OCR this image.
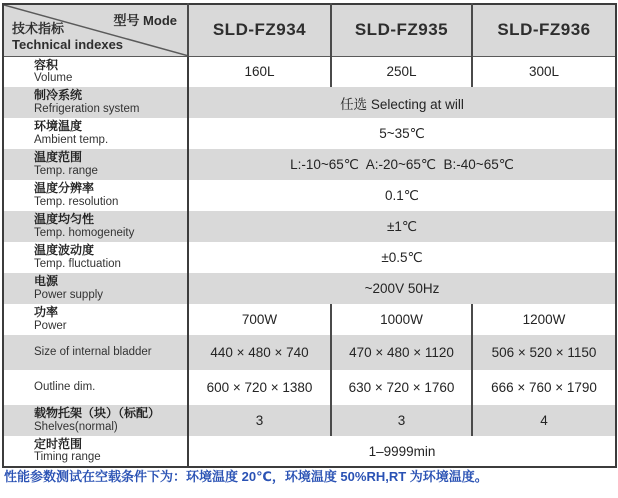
型号 Mode
技术指标
Technical indexes	SLD-FZ934	SLD-FZ935	SLD-FZ936

容积
Volume	160L	250L	300L

制冷系统
Refrigeration system	任选 Selecting at will		

环境温度
Ambient temp.	5~35℃		

温度范围
Temp. range	L:-10~65℃  A:-20~65℃  B:-40~65℃		

温度分辨率
Temp. resolution	0.1℃		

温度均匀性
Temp. homogeneity	±1℃		

温度波动度
Temp. fluctuation	±0.5℃		

电源
Power supply	~200V 50Hz		

功率
Power	700W	1000W	1200W

Size of internal bladder	440 × 480 × 740	470 × 480 × 1120	506 × 520 × 1150

Outline dim.	600 × 720 × 1380	630 × 720 × 1760	666 × 760 × 1790

载物托架（块）（标配）
Shelves(normal)	3	3	4

定时范围
Timing range	1–9999min		
性能参数测试在空载条件下为：环境温度 20℃，环境温度 50%RH,RT 为环境温度。
